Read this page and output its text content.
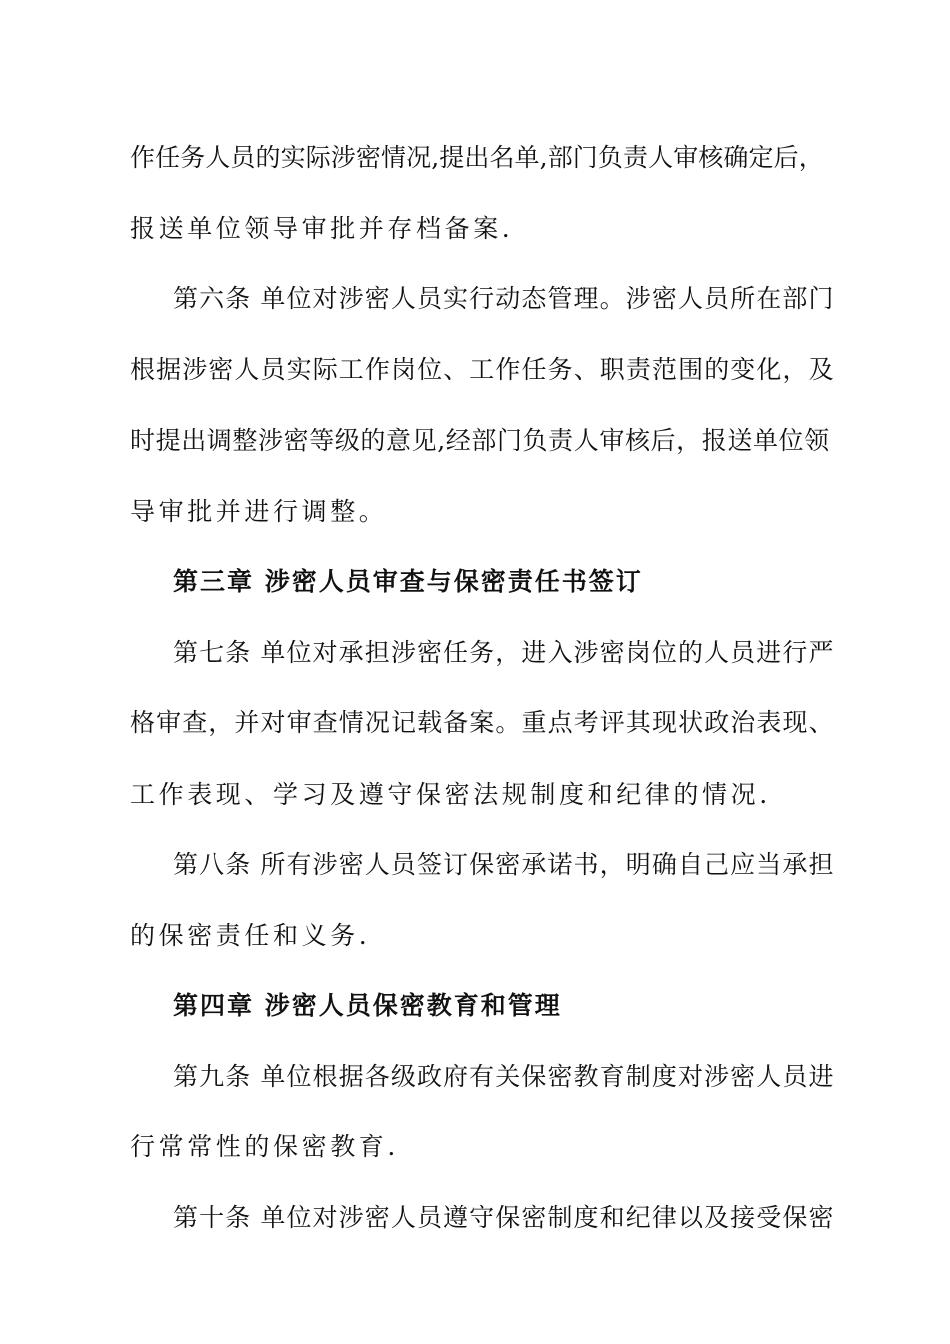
作任务人员的实际涉密情况,提出名单,部门负责人审核确定后，
报送单位领导审批并存档备案.
第六条 单位对涉密人员实行动态管理。涉密人员所在部门
根据涉密人员实际工作岗位、工作任务、职责范围的变化，及
时提出调整涉密等级的意见,经部门负责人审核后，报送单位领
导审批并进行调整。
第三章 涉密人员审查与保密责任书签订
第七条 单位对承担涉密任务，进入涉密岗位的人员进行严
格审查，并对审查情况记载备案。重点考评其现状政治表现、
工作表现、学习及遵守保密法规制度和纪律的情况.
第八条 所有涉密人员签订保密承诺书，明确自己应当承担
的保密责任和义务.
第四章 涉密人员保密教育和管理
第九条 单位根据各级政府有关保密教育制度对涉密人员进
行常常性的保密教育.
第十条 单位对涉密人员遵守保密制度和纪律以及接受保密
